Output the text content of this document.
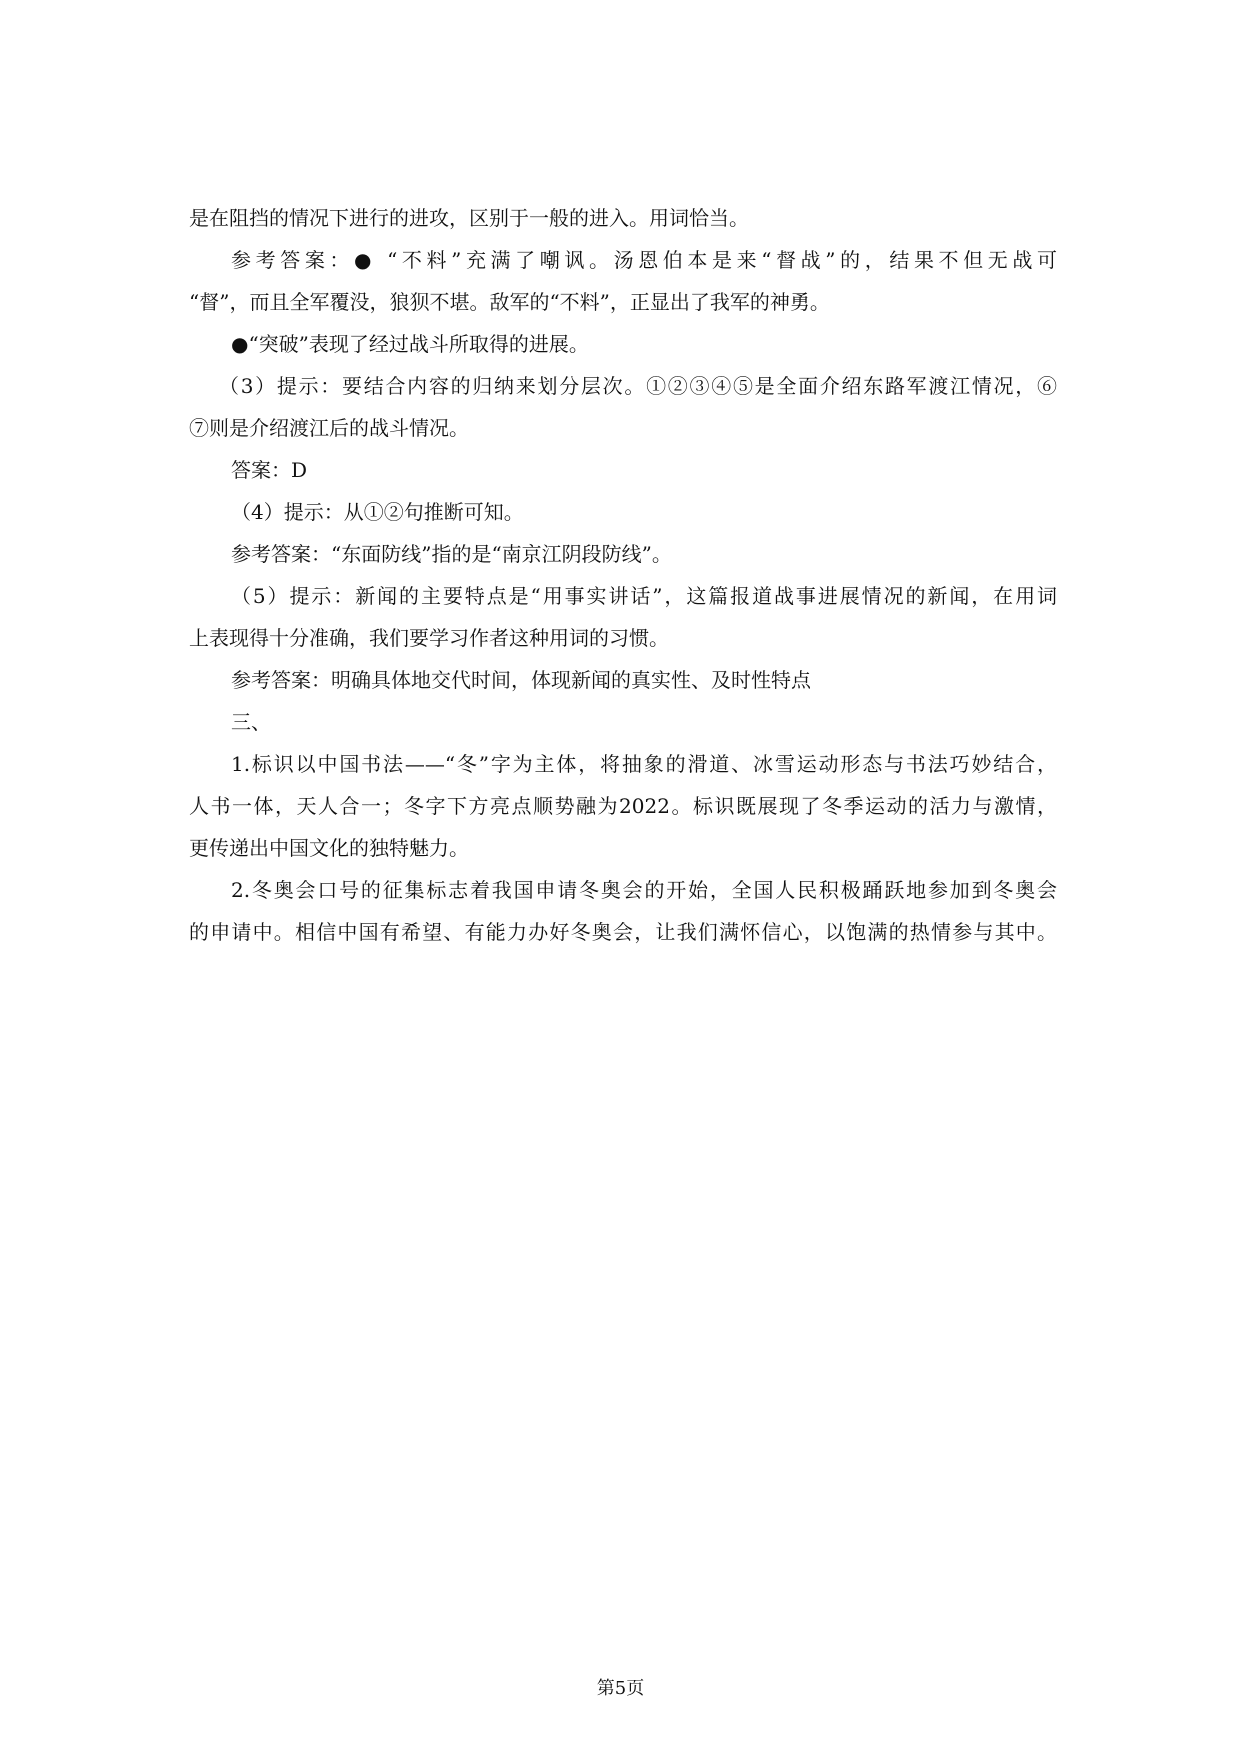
是在阻挡的情况下进行的进攻，区别于一般的进入。用词恰当。
参考答案：● “不料”充满了嘲讽。汤恩伯本是来“督战”的，结果不但无战可
“督”，而且全军覆没，狼狈不堪。敌军的“不料”，正显出了我军的神勇。
●“突破”表现了经过战斗所取得的进展。
（3）提示：要结合内容的归纳来划分层次。①②③④⑤是全面介绍东路军渡江情况，⑥
⑦则是介绍渡江后的战斗情况。
答案：D
（4）提示：从①②句推断可知。
参考答案：“东面防线”指的是“南京江阴段防线”。
（5）提示：新闻的主要特点是“用事实讲话”，这篇报道战事进展情况的新闻，在用词
上表现得十分准确，我们要学习作者这种用词的习惯。
参考答案：明确具体地交代时间，体现新闻的真实性、及时性特点
三、
1.标识以中国书法——“冬”字为主体，将抽象的滑道、冰雪运动形态与书法巧妙结合，
人书一体，天人合一；冬字下方亮点顺势融为2022。标识既展现了冬季运动的活力与激情，
更传递出中国文化的独特魅力。
2.冬奥会口号的征集标志着我国申请冬奥会的开始，全国人民积极踊跃地参加到冬奥会
的申请中。相信中国有希望、有能力办好冬奥会，让我们满怀信心，以饱满的热情参与其中。
第5页
